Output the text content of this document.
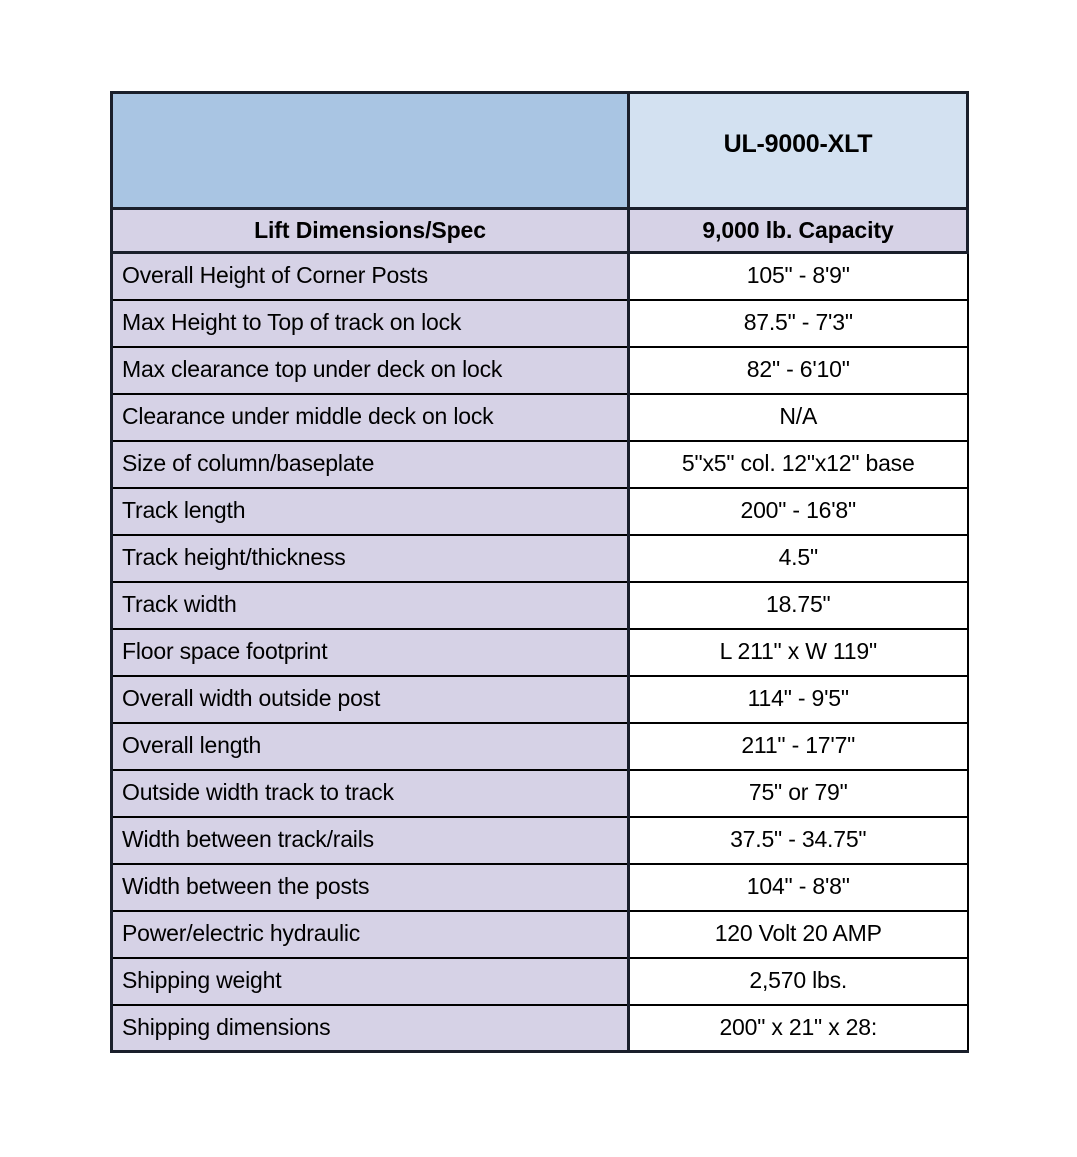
	UL-9000-XLT

Lift Dimensions/Spec	9,000 lb. Capacity
Overall Height of Corner Posts	105" - 8'9"
Max Height to Top of track on lock	87.5" - 7'3"
Max clearance top under deck on lock	82" - 6'10"
Clearance under middle deck on lock	N/A
Size of column/baseplate	5"x5" col. 12"x12" base
Track length	200" - 16'8"
Track height/thickness	4.5"
Track width	18.75"
Floor space footprint	L 211" x W 119"
Overall width outside post	114" - 9'5"
Overall length	211" - 17'7"
Outside width track to track	75" or 79"
Width between track/rails	37.5" - 34.75"
Width between the posts	104" - 8'8"
Power/electric hydraulic	120 Volt 20 AMP
Shipping weight	2,570 lbs.
Shipping dimensions	200" x 21" x 28:
